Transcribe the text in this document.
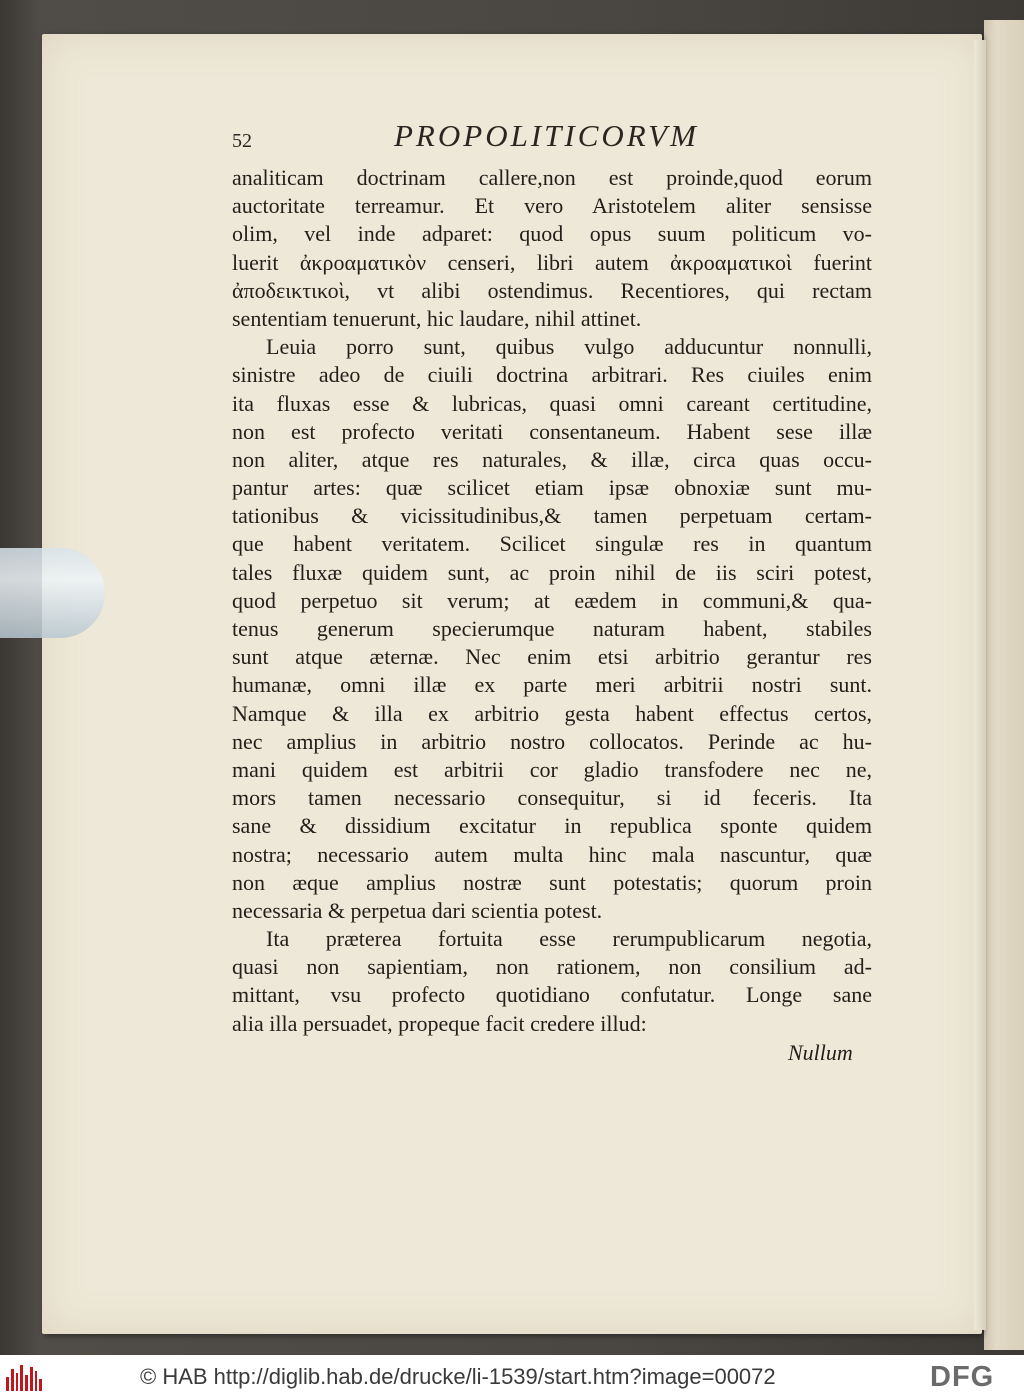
52	PROPOLITICORVM
analiticam doctrinam callere,non est proinde,quod eorum
auctoritate terreamur. Et vero Aristotelem aliter sensisse
olim, vel inde adparet: quod opus suum politicum vo-
luerit ἀκροαματικὸν censeri, libri autem ἀκροαματικοὶ fuerint
ἀποδεικτικοὶ, vt alibi ostendimus. Recentiores, qui rectam
sententiam tenuerunt, hic laudare, nihil attinet.
Leuia porro sunt, quibus vulgo adducuntur nonnulli,
sinistre adeo de ciuili doctrina arbitrari. Res ciuiles enim
ita fluxas esse & lubricas, quasi omni careant certitudine,
non est profecto veritati consentaneum. Habent sese illæ
non aliter, atque res naturales, & illæ, circa quas occu-
pantur artes: quæ scilicet etiam ipsæ obnoxiæ sunt mu-
tationibus & vicissitudinibus,& tamen perpetuam certam-
que habent veritatem. Scilicet singulæ res in quantum
tales fluxæ quidem sunt, ac proin nihil de iis sciri potest,
quod perpetuo sit verum; at eædem in communi,& qua-
tenus generum specierumque naturam habent, stabiles
sunt atque æternæ. Nec enim etsi arbitrio gerantur res
humanæ, omni illæ ex parte meri arbitrii nostri sunt.
Namque & illa ex arbitrio gesta habent effectus certos,
nec amplius in arbitrio nostro collocatos. Perinde ac hu-
mani quidem est arbitrii cor gladio transfodere nec ne,
mors tamen necessario consequitur, si id feceris. Ita
sane & dissidium excitatur in republica sponte quidem
nostra; necessario autem multa hinc mala nascuntur, quæ
non æque amplius nostræ sunt potestatis; quorum proin
necessaria & perpetua dari scientia potest.
Ita præterea fortuita esse rerumpublicarum negotia,
quasi non sapientiam, non rationem, non consilium ad-
mittant, vsu profecto quotidiano confutatur. Longe sane
alia illa persuadet, propeque facit credere illud:
Nullum
© HAB http://diglib.hab.de/drucke/li-1539/start.htm?image=00072	DFG
